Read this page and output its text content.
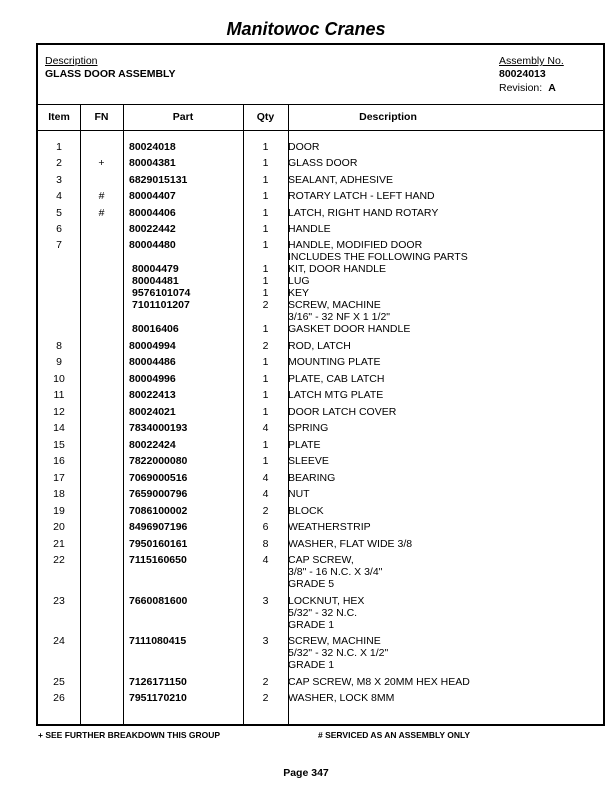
Manitowoc Cranes
Description
GLASS DOOR ASSEMBLY
Assembly No.
80024013
Revision: A
Item	FN	Part	Qty	Description
1	80024018	1	DOOR
2	+	80004381	1	GLASS DOOR
3	6829015131	1	SEALANT, ADHESIVE
4	#	80004407	1	ROTARY LATCH - LEFT HAND
5	#	80004406	1	LATCH, RIGHT HAND ROTARY
6	80022442	1	HANDLE
7	80004480	1	HANDLE, MODIFIED DOOR
INCLUDES THE FOLLOWING PARTS
80004479	1	KIT, DOOR HANDLE
80004481	1	LUG
9576101074	1	KEY
7101101207	2	SCREW, MACHINE
3/16" - 32 NF X 1 1/2"
80016406	1	GASKET DOOR HANDLE
8	80004994	2	ROD, LATCH
9	80004486	1	MOUNTING PLATE
10	80004996	1	PLATE, CAB LATCH
11	80022413	1	LATCH MTG PLATE
12	80024021	1	DOOR LATCH COVER
14	7834000193	4	SPRING
15	80022424	1	PLATE
16	7822000080	1	SLEEVE
17	7069000516	4	BEARING
18	7659000796	4	NUT
19	7086100002	2	BLOCK
20	8496907196	6	WEATHERSTRIP
21	7950160161	8	WASHER, FLAT WIDE 3/8
22	7115160650	4	CAP SCREW,
3/8" - 16 N.C. X 3/4"
GRADE 5
23	7660081600	3	LOCKNUT, HEX
5/32" - 32 N.C.
GRADE 1
24	7111080415	3	SCREW, MACHINE
5/32" - 32 N.C. X 1/2"
GRADE 1
25	7126171150	2	CAP SCREW, M8 X 20MM HEX HEAD
26	7951170210	2	WASHER, LOCK 8MM
+ SEE FURTHER BREAKDOWN THIS GROUP	# SERVICED AS AN ASSEMBLY ONLY
Page 347
